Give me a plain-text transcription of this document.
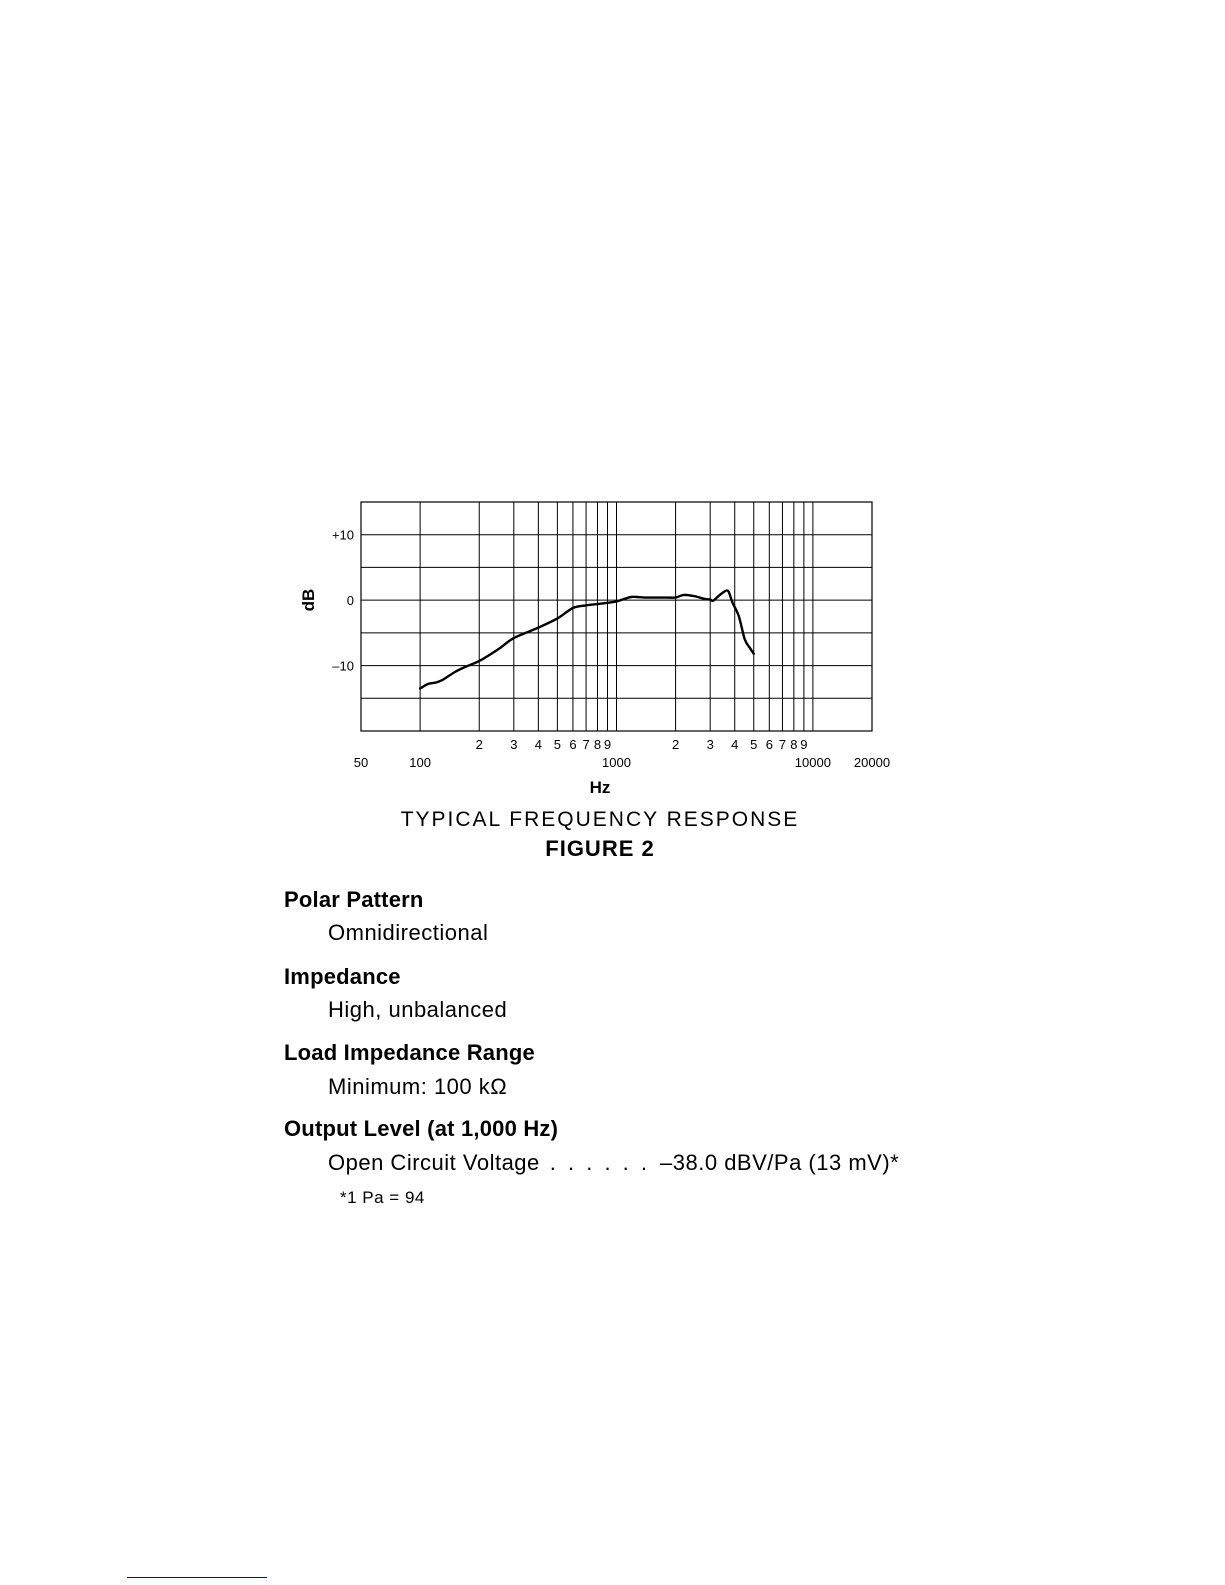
+10
0
–10
2 3 4 5 6 7 8 9	2 3 4 5 6 7 8 9
50	100	1000	10000 20000
dB
Hz
TYPICAL FREQUENCY RESPONSE
FIGURE 2
Polar Pattern
Omnidirectional
Impedance
High, unbalanced
Load Impedance Range
Minimum: 100 kΩ
Output Level (at 1,000 Hz)
Open Circuit Voltage . . . . . . –38.0 dBV/Pa (13 mV)*
*1 Pa = 94
